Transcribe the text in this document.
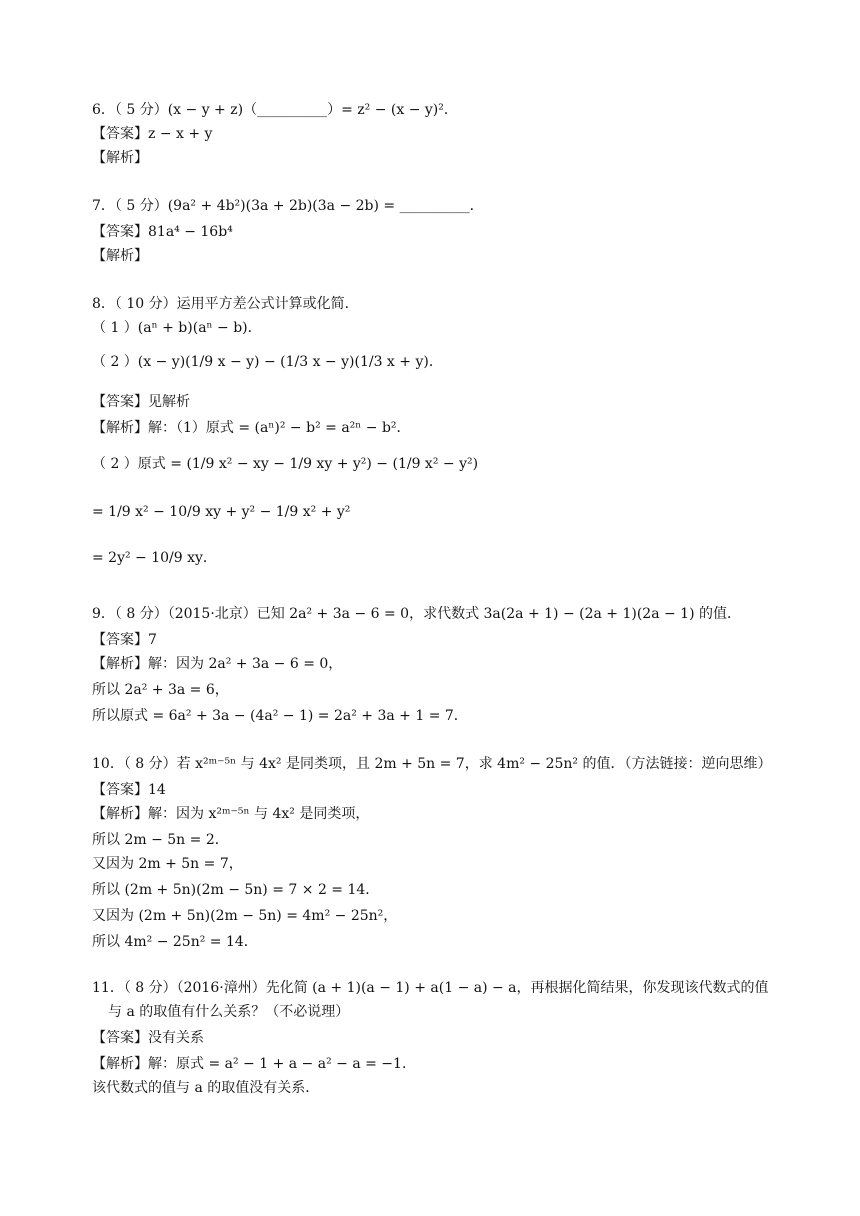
6．（ 5 分）(x − y + z)（__________）= z² − (x − y)²．
【答案】z − x + y
【解析】
7．（ 5 分）(9a² + 4b²)(3a + 2b)(3a − 2b) = __________．
【答案】81a⁴ − 16b⁴
【解析】
8．（ 10 分）运用平方差公式计算或化简．
（ 1 ）(aⁿ + b)(aⁿ − b)．
（ 2 ）(x − y)(1/9 x − y) − (1/3 x − y)(1/3 x + y)．
【答案】见解析
【解析】解：（1）原式 = (aⁿ)² − b² = a²ⁿ − b²．
（ 2 ）原式 = (1/9 x² − xy − 1/9 xy + y²) − (1/9 x² − y²)
= 1/9 x² − 10/9 xy + y² − 1/9 x² + y²
= 2y² − 10/9 xy．
9．（ 8 分）（2015·北京）已知 2a² + 3a − 6 = 0，求代数式 3a(2a + 1) − (2a + 1)(2a − 1) 的值．
【答案】7
【解析】解：因为 2a² + 3a − 6 = 0，
所以 2a² + 3a = 6，
所以原式 = 6a² + 3a − (4a² − 1) = 2a² + 3a + 1 = 7．
10．（ 8 分）若 x²ᵐ⁻⁵ⁿ 与 4x² 是同类项，且 2m + 5n = 7，求 4m² − 25n² 的值．（方法链接：逆向思维）
【答案】14
【解析】解：因为 x²ᵐ⁻⁵ⁿ 与 4x² 是同类项，
所以 2m − 5n = 2．
又因为 2m + 5n = 7，
所以 (2m + 5n)(2m − 5n) = 7 × 2 = 14．
又因为 (2m + 5n)(2m − 5n) = 4m² − 25n²，
所以 4m² − 25n² = 14．
11．（ 8 分）（2016·漳州）先化简 (a + 1)(a − 1) + a(1 − a) − a，再根据化简结果，你发现该代数式的值
与 a 的取值有什么关系？（不必说理）
【答案】没有关系
【解析】解：原式 = a² − 1 + a − a² − a = −1．
该代数式的值与 a 的取值没有关系．
